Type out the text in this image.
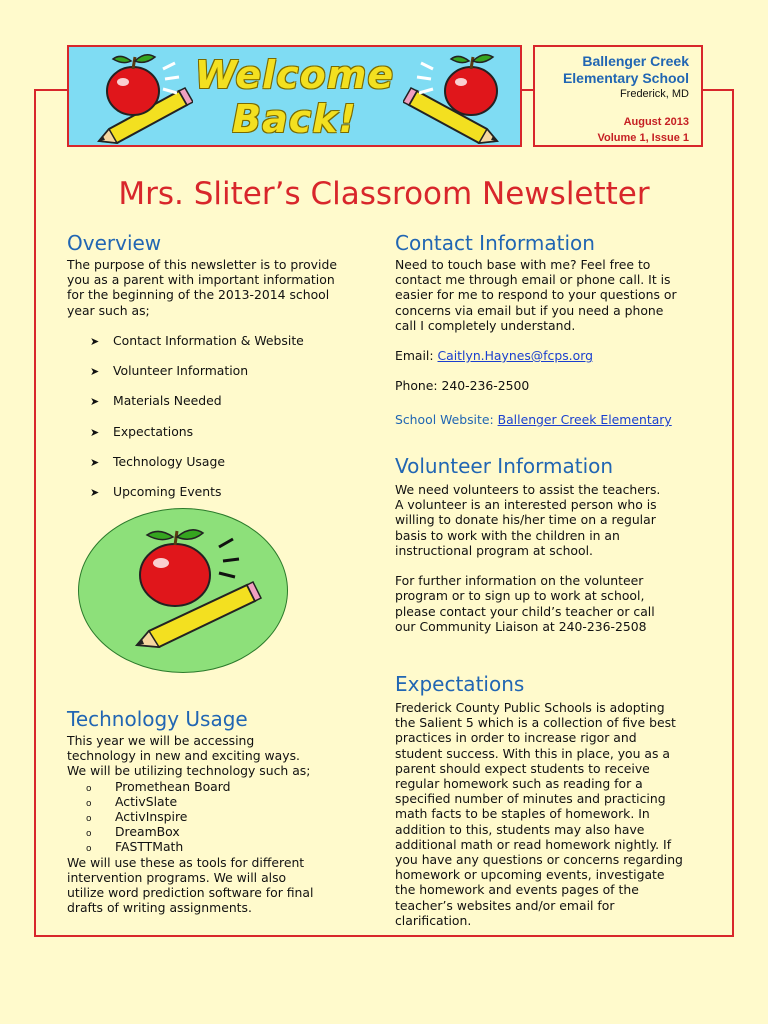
Welcome
Back!
Ballenger Creek
Elementary School
Frederick, MD
August 2013
Volume 1, Issue 1
Mrs. Sliter’s Classroom Newsletter
Overview
The purpose of this newsletter is to provide
you as a parent with important information
for the beginning of the 2013-2014 school
year such as;
➤ Contact Information & Website
➤ Volunteer Information
➤ Materials Needed
➤ Expectations
➤ Technology Usage
➤ Upcoming Events
Technology Usage
This year we will be accessing
technology in new and exciting ways.
We will be utilizing technology such as;
o Promethean Board
o ActivSlate
o ActivInspire
o DreamBox
o FASTTMath
We will use these as tools for different
intervention programs. We will also
utilize word prediction software for final
drafts of writing assignments.
Contact Information
Need to touch base with me? Feel free to
contact me through email or phone call. It is
easier for me to respond to your questions or
concerns via email but if you need a phone
call I completely understand.
Email: Caitlyn.Haynes@fcps.org
Phone: 240-236-2500
School Website: Ballenger Creek Elementary
Volunteer Information
We need volunteers to assist the teachers.
A volunteer is an interested person who is
willing to donate his/her time on a regular
basis to work with the children in an
instructional program at school.
For further information on the volunteer
program or to sign up to work at school,
please contact your child’s teacher or call
our Community Liaison at 240-236-2508
Expectations
Frederick County Public Schools is adopting
the Salient 5 which is a collection of five best
practices in order to increase rigor and
student success. With this in place, you as a
parent should expect students to receive
regular homework such as reading for a
specified number of minutes and practicing
math facts to be staples of homework. In
addition to this, students may also have
additional math or read homework nightly. If
you have any questions or concerns regarding
homework or upcoming events, investigate
the homework and events pages of the
teacher’s websites and/or email for
clarification.
